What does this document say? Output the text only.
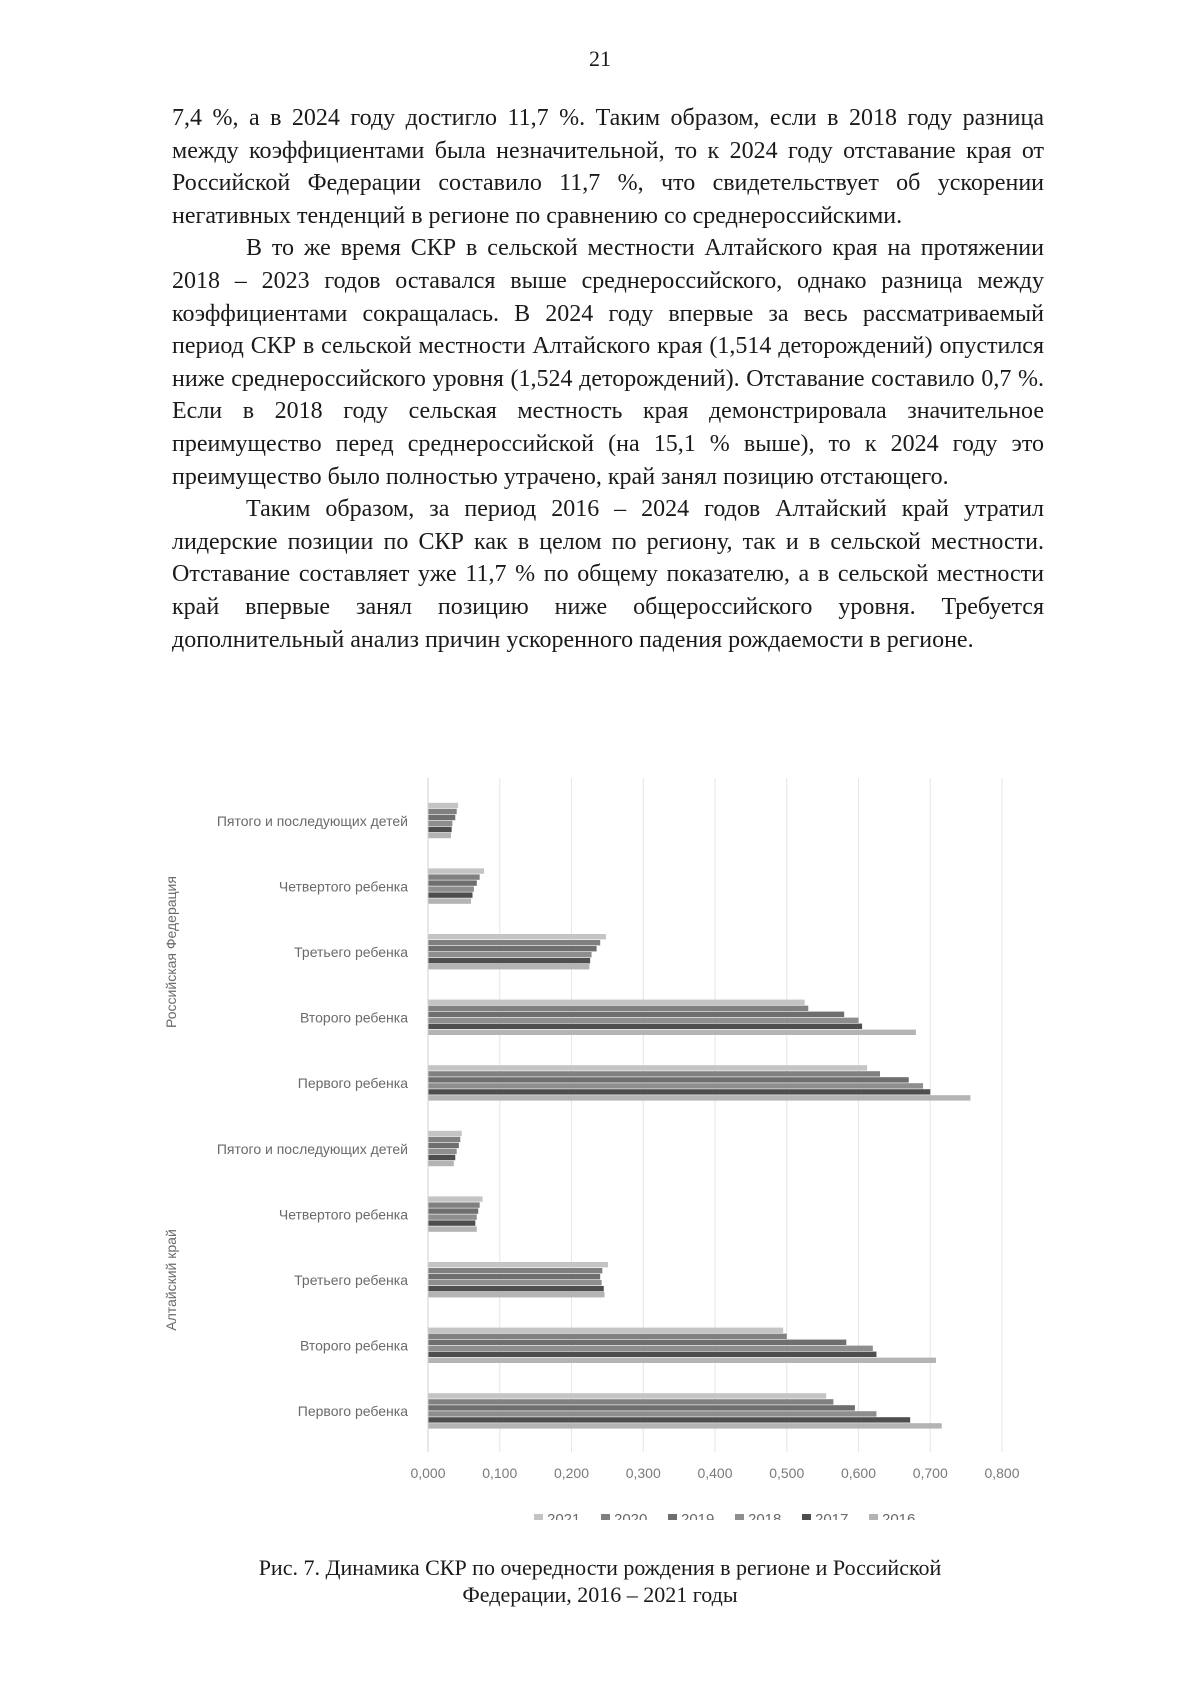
21

7,4 %, а в 2024 году достигло 11,7 %. Таким образом, если в 2018 году разница между коэффициентами была незначительной, то к 2024 году отставание края от Российской Федерации составило 11,7 %, что свидетельствует об ускорении негативных тенденций в регионе по сравнению со среднероссийскими.

В то же время СКР в сельской местности Алтайского края на протяжении 2018 – 2023 годов оставался выше среднероссийского, однако разница между коэффициентами сокращалась. В 2024 году впервые за весь рассматриваемый период СКР в сельской местности Алтайского края (1,514 деторождений) опустился ниже среднероссийского уровня (1,524 деторождений). Отставание составило 0,7 %. Если в 2018 году сельская местность края демонстрировала значительное преимущество перед среднероссийской (на 15,1 % выше), то к 2024 году это преимущество было полностью утрачено, край занял позицию отстающего.

Таким образом, за период 2016 – 2024 годов Алтайский край утратил лидерские позиции по СКР как в целом по региону, так и в сельской местности. Отставание составляет уже 11,7 % по общему показателю, а в сельской местности край впервые занял позицию ниже общероссийского уровня. Требуется дополнительный анализ причин ускоренного падения рождаемости в регионе.

0,000	0,100	0,200	0,300	0,400	0,500	0,600	0,700	0,800
Пятого и последующих детей
Четвертого ребенка
Третьего ребенка
Второго ребенка
Первого ребенка
Российская Федерация
Пятого и последующих детей
Четвертого ребенка
Третьего ребенка
Второго ребенка
Первого ребенка
Алтайский край
2021 2020 2019 2018 2017 2016
Рис. 7. Динамика СКР по очередности рождения в регионе и Российской
Федерации, 2016 – 2021 годы
